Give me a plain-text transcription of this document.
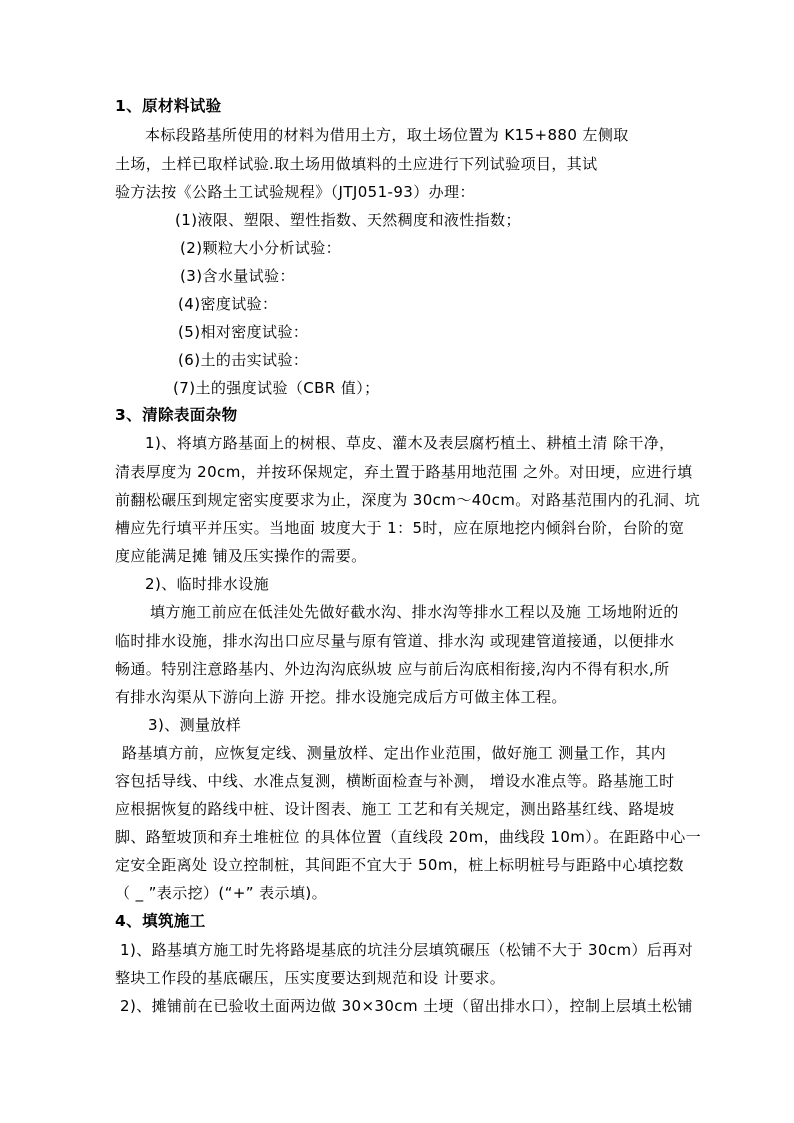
1、原材料试验
本标段路基所使用的材料为借用土方，取土场位置为 K15+880 左侧取
土场，土样已取样试验.取土场用做填料的土应进行下列试验项目，其试
验方法按《公路土工试验规程》（JTJ051-93）办理：
(1)液限、塑限、塑性指数、天然稠度和液性指数；
(2)颗粒大小分析试验：
(3)含水量试验：
(4)密度试验：
(5)相对密度试验：
(6)土的击实试验：
(7)土的强度试验（CBR 值）；
3、清除表面杂物
1)、将填方路基面上的树根、草皮、灌木及表层腐朽植土、耕植土清 除干净，
清表厚度为 20cm，并按环保规定，弃土置于路基用地范围 之外。对田埂，应进行填
前翻松碾压到规定密实度要求为止，深度为 30cm～40cm。对路基范围内的孔洞、坑
槽应先行填平并压实。当地面 坡度大于 1：5时，应在原地挖内倾斜台阶，台阶的宽
度应能满足摊 铺及压实操作的需要。
2)、临时排水设施
填方施工前应在低洼处先做好截水沟、排水沟等排水工程以及施 工场地附近的
临时排水设施，排水沟出口应尽量与原有管道、排水沟 或现建管道接通，以便排水
畅通。特别注意路基内、外边沟沟底纵坡 应与前后沟底相衔接,沟内不得有积水,所
有排水沟渠从下游向上游 开挖。排水设施完成后方可做主体工程。
3)、测量放样
路基填方前，应恢复定线、测量放样、定出作业范围，做好施工 测量工作，其内
容包括导线、中线、水准点复测，横断面检查与补测， 增设水准点等。路基施工时
应根据恢复的路线中桩、设计图表、施工 工艺和有关规定，测出路基红线、路堤坡
脚、路堑坡顶和弃土堆桩位 的具体位置（直线段 20m，曲线段 10m）。在距路中心一
定安全距离处 设立控制桩，其间距不宜大于 50m，桩上标明桩号与距路中心填挖数
（ _ ”表示挖）(“+” 表示填)。
4、填筑施工
1)、路基填方施工时先将路堤基底的坑洼分层填筑碾压（松铺不大于 30cm）后再对
整块工作段的基底碾压，压实度要达到规范和设 计要求。
2)、摊铺前在已验收土面两边做 30×30cm 土埂（留出排水口），控制上层填土松铺
